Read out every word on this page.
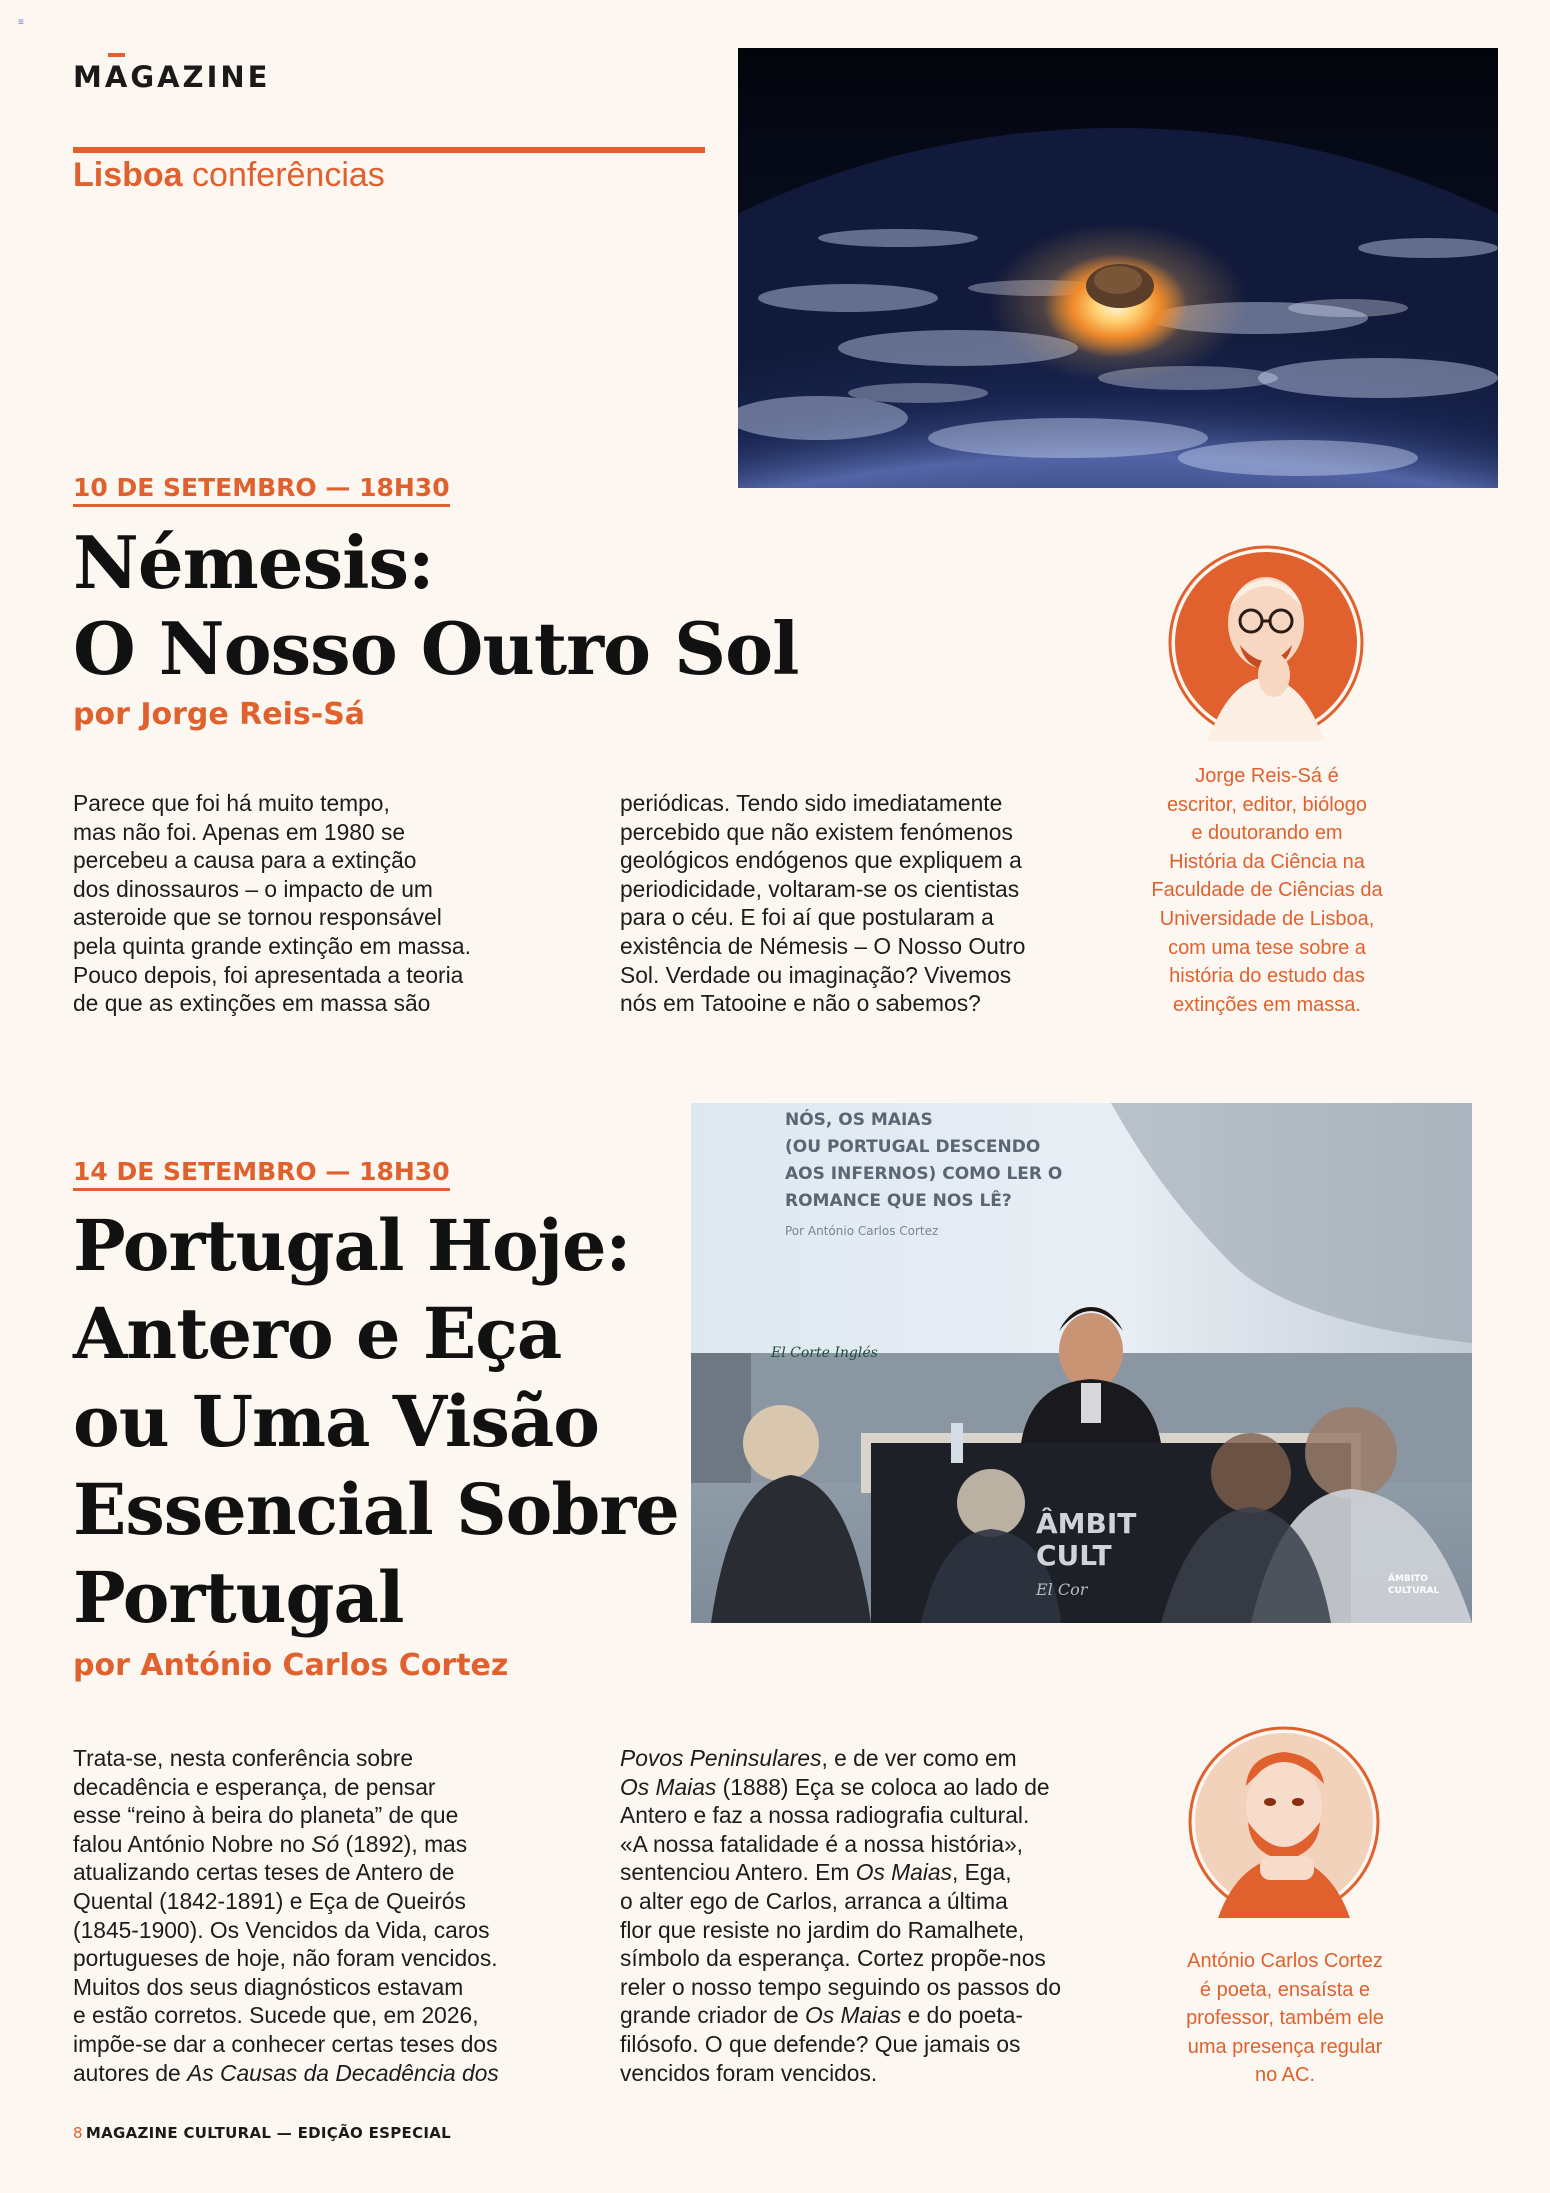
≡
MAGAZINE
Lisboa conferências
10 DE SETEMBRO — 18H30
Némesis:
O Nosso Outro Sol
por Jorge Reis-Sá
Jorge Reis-Sá é
escritor, editor, biólogo
e doutorando em
História da Ciência na
Faculdade de Ciências da
Universidade de Lisboa,
com uma tese sobre a
história do estudo das
extinções em massa.
Parece que foi há muito tempo,
mas não foi. Apenas em 1980 se
percebeu a causa para a extinção
dos dinossauros – o impacto de um
asteroide que se tornou responsável
pela quinta grande extinção em massa.
Pouco depois, foi apresentada a teoria
de que as extinções em massa são
periódicas. Tendo sido imediatamente
percebido que não existem fenómenos
geológicos endógenos que expliquem a
periodicidade, voltaram-se os cientistas
para o céu. E foi aí que postularam a
existência de Némesis – O Nosso Outro
Sol. Verdade ou imaginação? Vivemos
nós em Tatooine e não o sabemos?
NÓS, OS MAIAS
(OU PORTUGAL DESCENDO
AOS INFERNOS) COMO LER O
ROMANCE QUE NOS LÊ?
Por António Carlos Cortez
El Corte Inglés
ÂMBIT
CULT
El Cor
ÂMBITO
CULTURAL
14 DE SETEMBRO — 18H30
Portugal Hoje:
Antero e Eça
ou Uma Visão
Essencial Sobre
Portugal
por António Carlos Cortez
António Carlos Cortez
é poeta, ensaísta e
professor, também ele
uma presença regular
no AC.
Trata-se, nesta conferência sobre
decadência e esperança, de pensar
esse “reino à beira do planeta” de que
falou António Nobre no Só (1892), mas
atualizando certas teses de Antero de
Quental (1842-1891) e Eça de Queirós
(1845-1900). Os Vencidos da Vida, caros
portugueses de hoje, não foram vencidos.
Muitos dos seus diagnósticos estavam
e estão corretos. Sucede que, em 2026,
impõe-se dar a conhecer certas teses dos
autores de As Causas da Decadência dos
Povos Peninsulares, e de ver como em
Os Maias (1888) Eça se coloca ao lado de
Antero e faz a nossa radiografia cultural.
«A nossa fatalidade é a nossa história»,
sentenciou Antero. Em Os Maias, Ega,
o alter ego de Carlos, arranca a última
flor que resiste no jardim do Ramalhete,
símbolo da esperança. Cortez propõe-nos
reler o nosso tempo seguindo os passos do
grande criador de Os Maias e do poeta-
filósofo. O que defende? Que jamais os
vencidos foram vencidos.
8 MAGAZINE CULTURAL — EDIÇÃO ESPECIAL
